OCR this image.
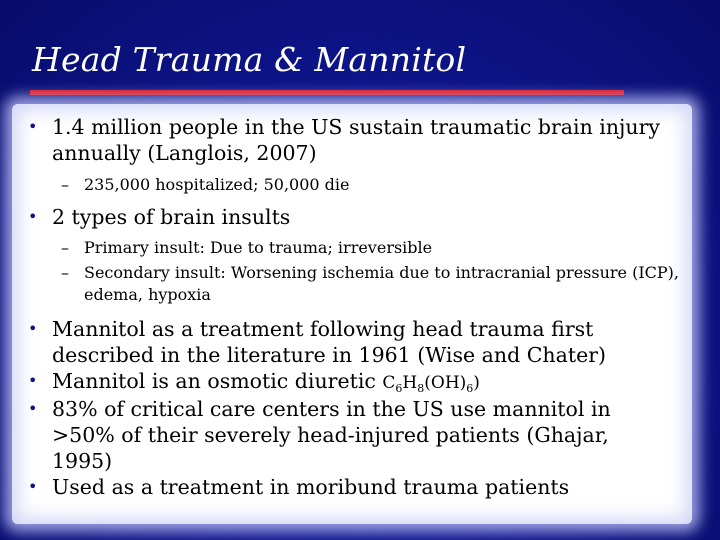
Head Trauma & Mannitol
• 1.4 million people in the US sustain traumatic brain injury annually (Langlois, 2007)
– 235,000 hospitalized; 50,000 die
• 2 types of brain insults
– Primary insult: Due to trauma; irreversible
– Secondary insult: Worsening ischemia due to intracranial pressure (ICP), edema, hypoxia
• Mannitol as a treatment following head trauma first described in the literature in 1961 (Wise and Chater)
• Mannitol is an osmotic diuretic $C_6H_8(OH)_6$)
• 83% of critical care centers in the US use mannitol in >50% of their severely head-injured patients (Ghajar, 1995)
• Used as a treatment in moribund trauma patients
